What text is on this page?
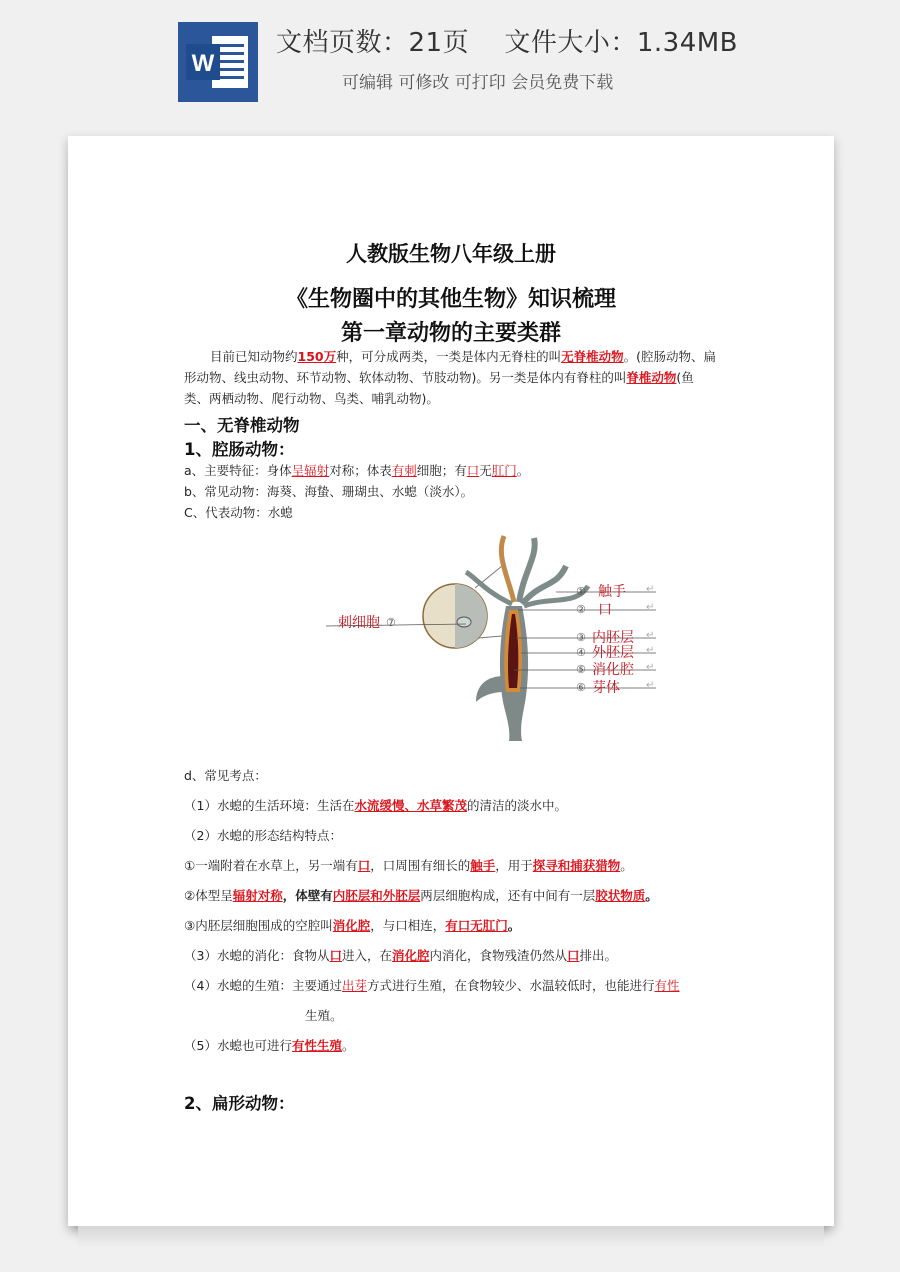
W
文档页数：21页　 文件大小：1.34MB
可编辑 可修改 可打印 会员免费下载
人教版生物八年级上册
《生物圈中的其他生物》知识梳理
第一章动物的主要类群

目前已知动物约150万种，可分成两类，一类是体内无脊柱的叫无脊椎动物。(腔肠动物、扁形动物、线虫动物、环节动物、软体动物、节肢动物)。另一类是体内有脊柱的叫脊椎动物(鱼类、两栖动物、爬行动物、鸟类、哺乳动物)。

一、无脊椎动物
1、腔肠动物：
a、主要特征：身体呈辐射对称；体表有刺细胞；有口无肛门。
b、常见动物：海葵、海蛰、珊瑚虫、水螅（淡水）。
C、代表动物：水螅
① 触手 ↵
② 口	↵
③ 内胚层 ↵
④ 外胚层 ↵
⑤ 消化腔 ↵
⑥ 芽体	↵
刺细胞 ⑦
d、常见考点：
（1）水螅的生活环境：生活在水流缓慢、水草繁茂的清洁的淡水中。
（2）水螅的形态结构特点：
①一端附着在水草上，另一端有口，口周围有细长的触手，用于探寻和捕获猎物。
②体型呈辐射对称，体壁有内胚层和外胚层两层细胞构成，还有中间有一层胶状物质。
③内胚层细胞围成的空腔叫消化腔，与口相连，有口无肛门。
（3）水螅的消化：食物从口进入，在消化腔内消化，食物残渣仍然从口排出。
（4）水螅的生殖：主要通过出芽方式进行生殖，在食物较少、水温较低时，也能进行有性
生殖。
（5）水螅也可进行有性生殖。
2、扁形动物：
